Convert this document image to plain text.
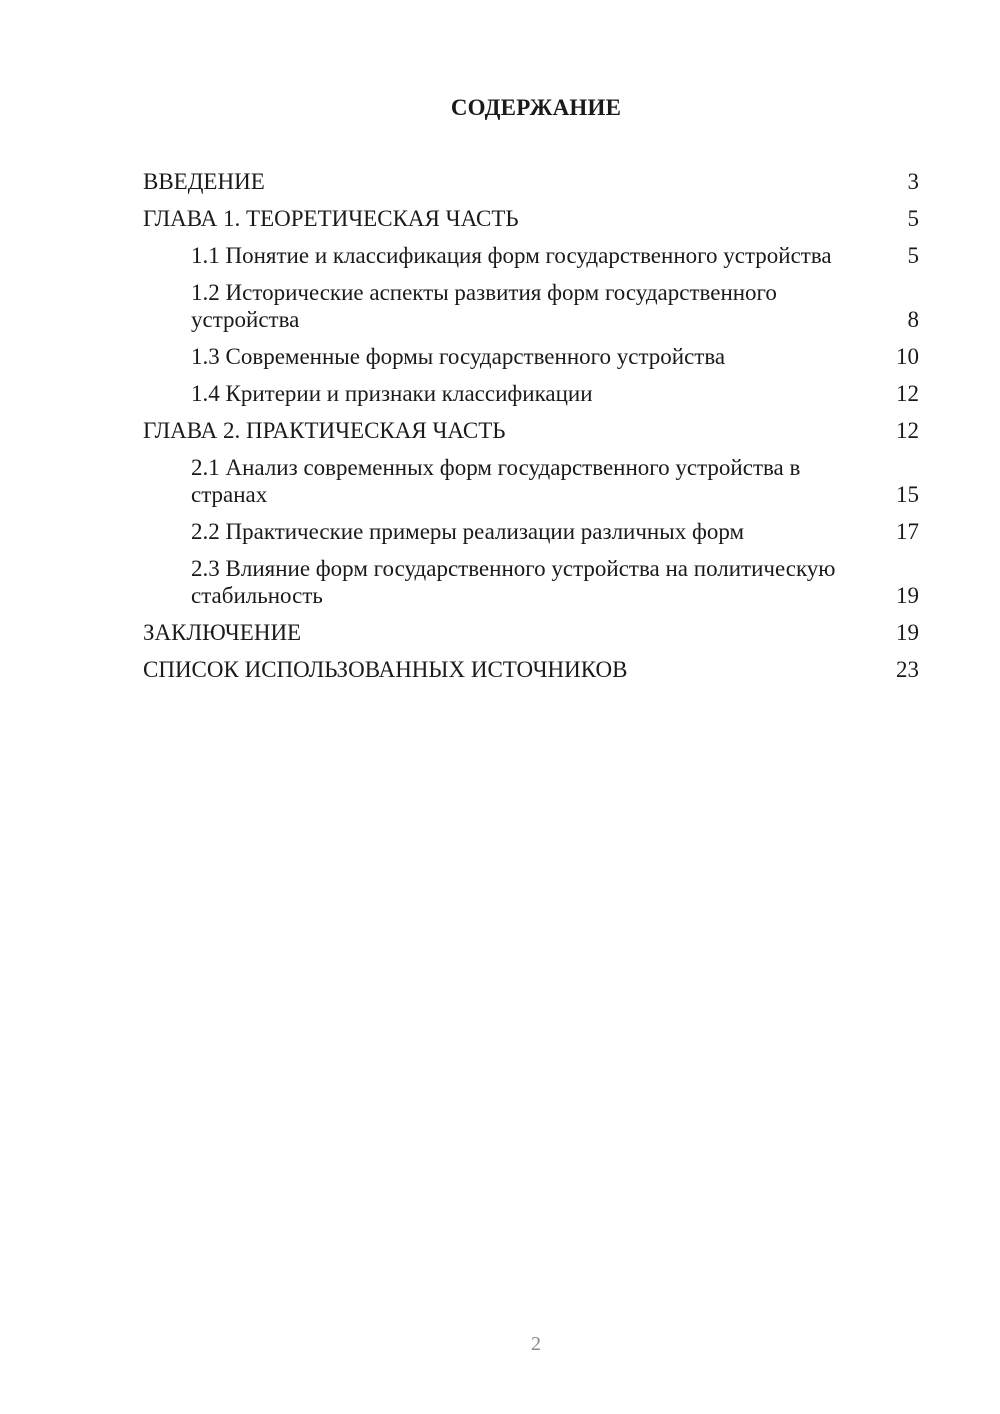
СОДЕРЖАНИЕ
ВВЕДЕНИЕ	3
ГЛАВА 1. ТЕОРЕТИЧЕСКАЯ ЧАСТЬ	5
1.1 Понятие и классификация форм государственного устройства	5
1.2 Исторические аспекты развития форм государственного устройства	8
1.3 Современные формы государственного устройства	10
1.4 Критерии и признаки классификации	12
ГЛАВА 2. ПРАКТИЧЕСКАЯ ЧАСТЬ	12
2.1 Анализ современных форм государственного устройства в странах	15
2.2 Практические примеры реализации различных форм	17
2.3 Влияние форм государственного устройства на политическую стабильность	19
ЗАКЛЮЧЕНИЕ	19
СПИСОК ИСПОЛЬЗОВАННЫХ ИСТОЧНИКОВ	23
2
